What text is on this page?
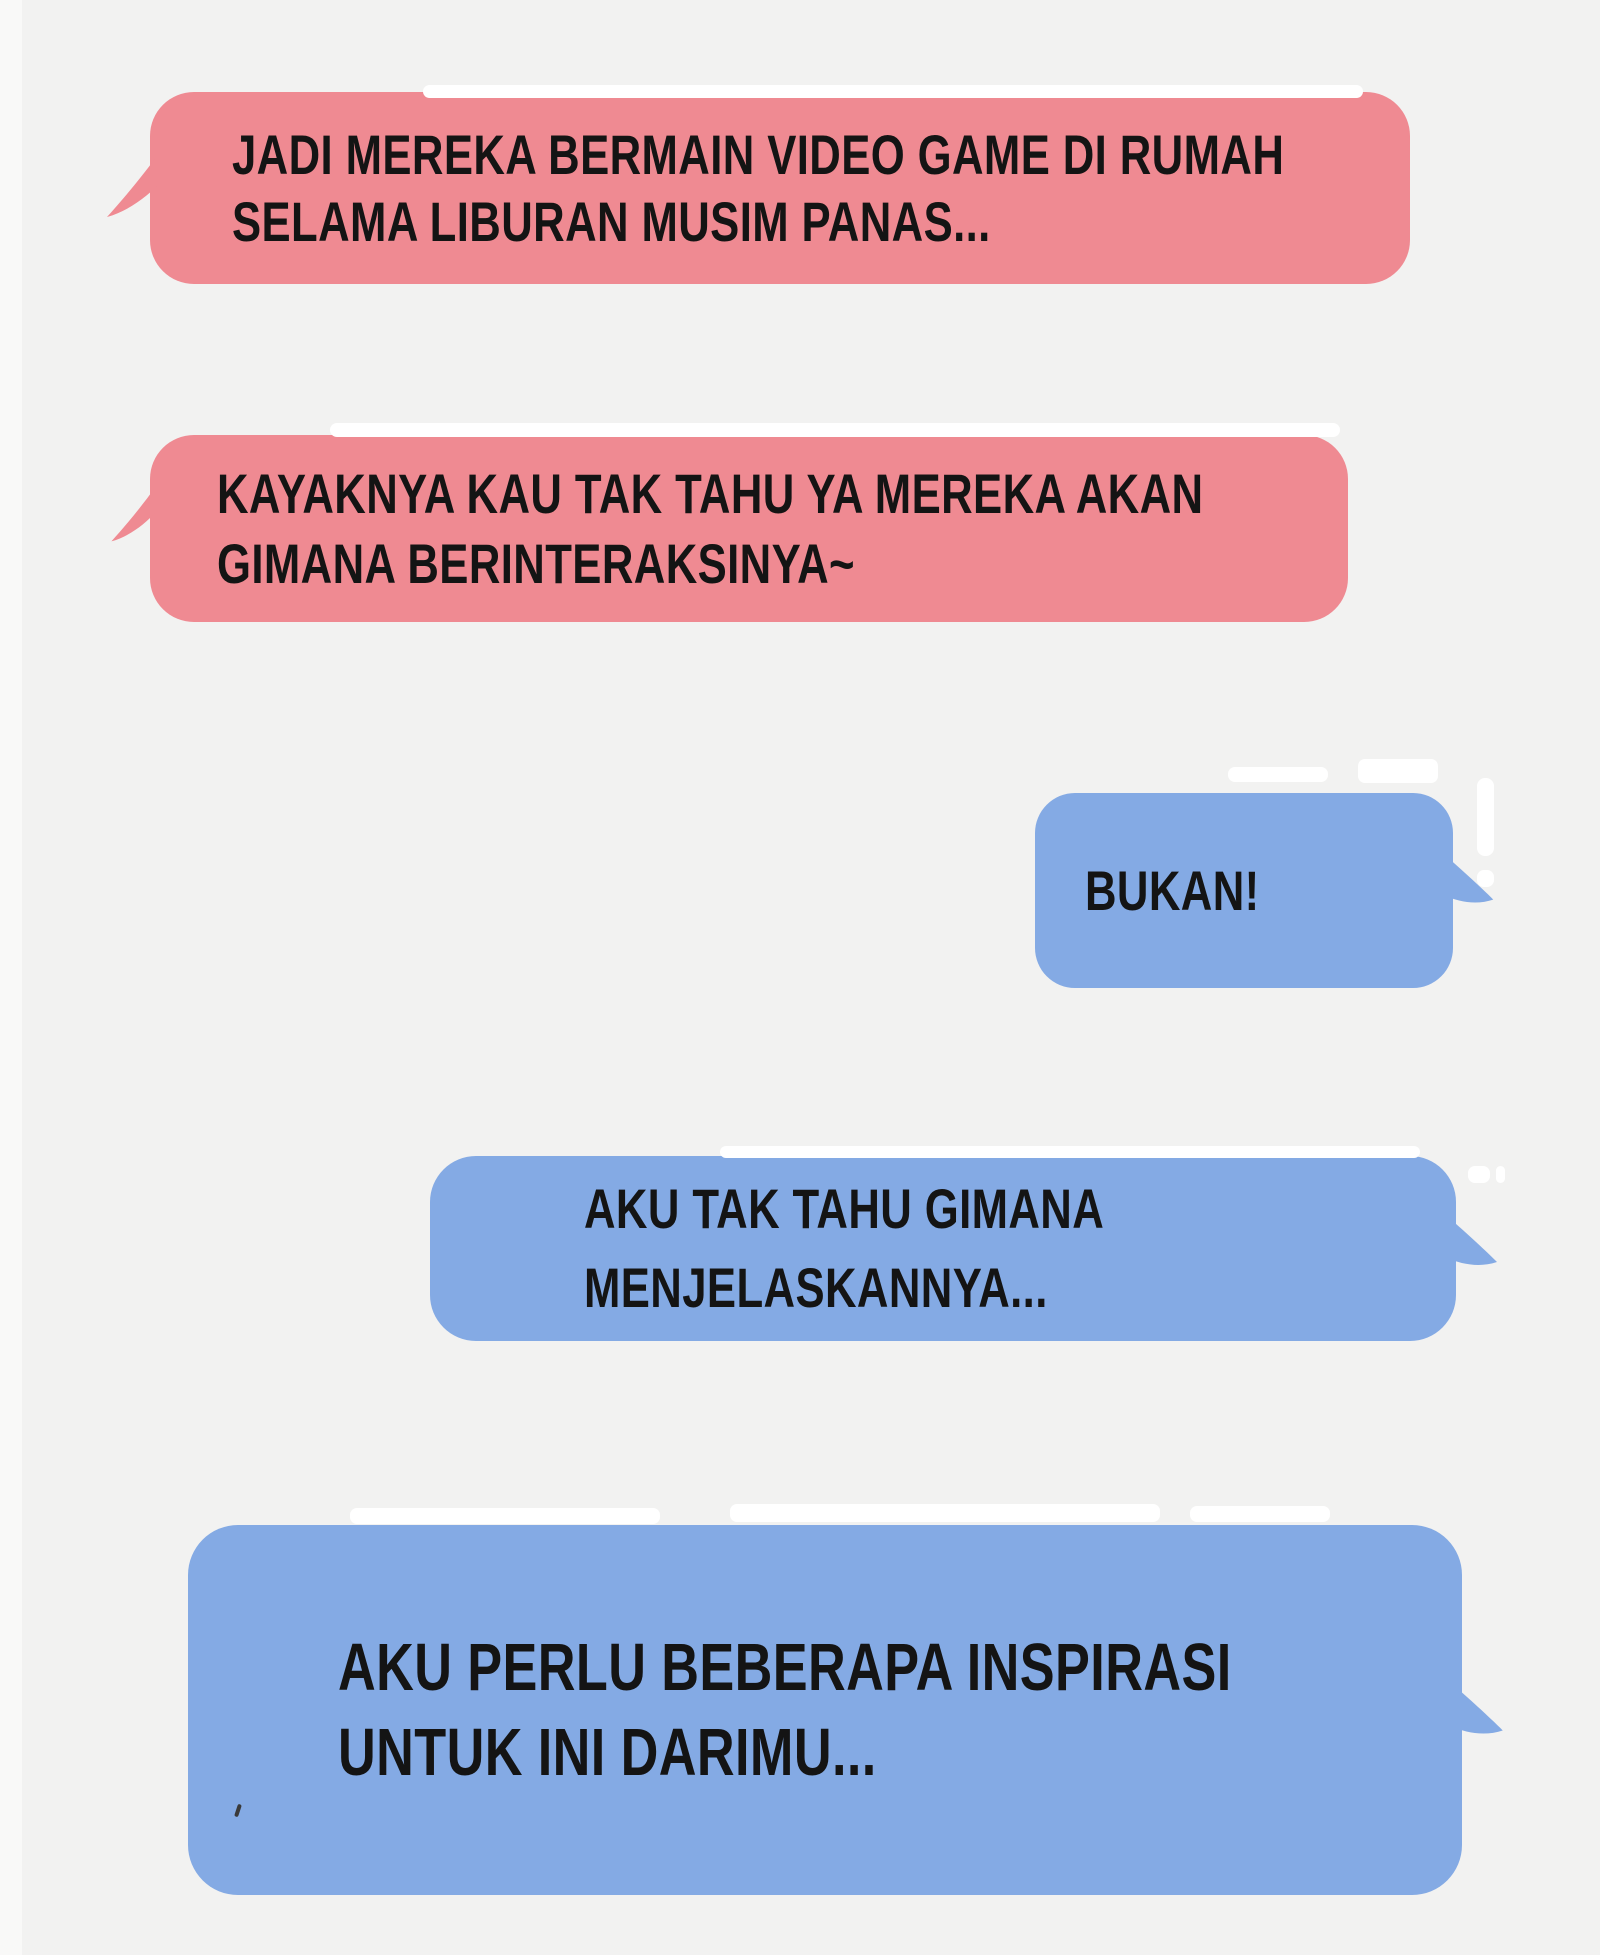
JADI MEREKA BERMAIN VIDEO GAME DI RUMAH
SELAMA LIBURAN MUSIM PANAS...
KAYAKNYA KAU TAK TAHU YA MEREKA AKAN
GIMANA BERINTERAKSINYA~
BUKAN!
AKU TAK TAHU GIMANA
MENJELASKANNYA...
AKU PERLU BEBERAPA INSPIRASI
UNTUK INI DARIMU...
